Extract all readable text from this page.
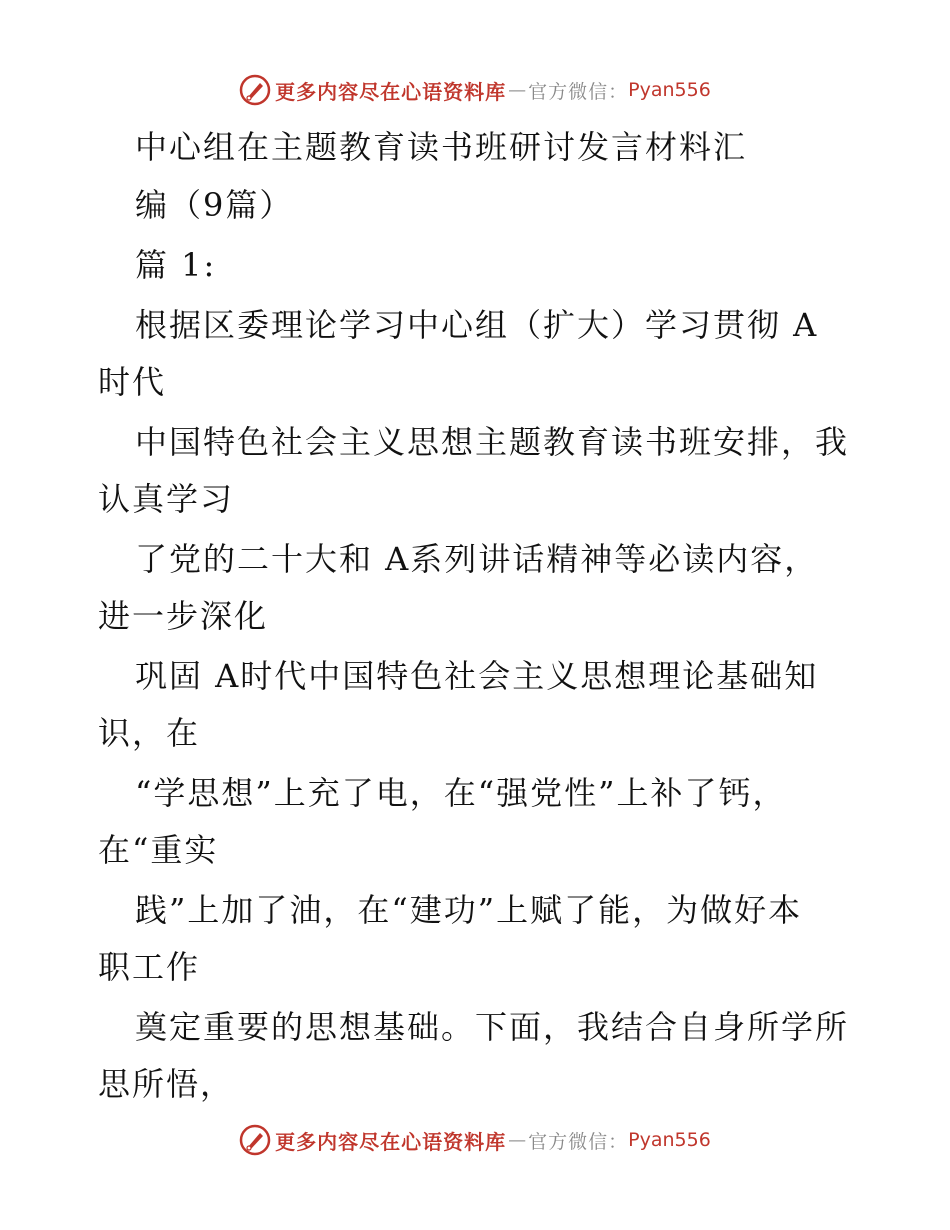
更多内容尽在心语资料库 — 官方微信： Pyan556
中心组在主题教育读书班研讨发言材料汇
编（9篇）
篇 1:
根据区委理论学习中心组（扩大）学习贯彻 A
时代
中国特色社会主义思想主题教育读书班安排，我
认真学习
了党的二十大和 A系列讲话精神等必读内容，
进一步深化
巩固 A时代中国特色社会主义思想理论基础知
识，在
“学思想”上充了电，在“强党性”上补了钙，
在“重实
践”上加了油，在“建功”上赋了能，为做好本
职工作
奠定重要的思想基础。下面，我结合自身所学所
思所悟，
更多内容尽在心语资料库 — 官方微信： Pyan556
